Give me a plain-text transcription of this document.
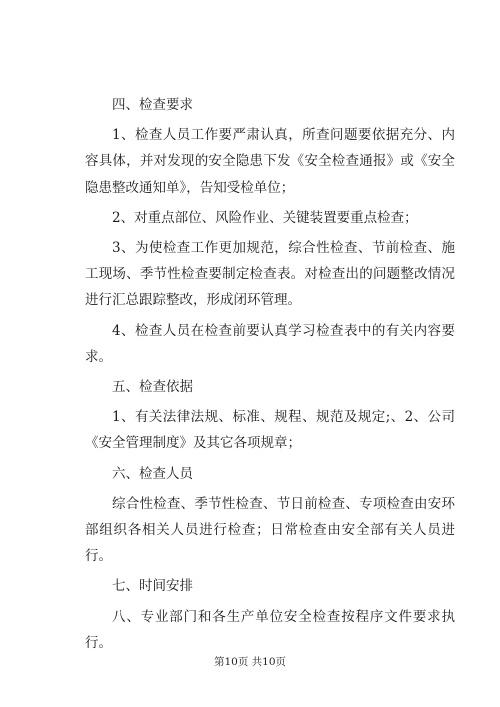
四、检查要求

1、检查人员工作要严肃认真，所查问题要依据充分、内容具体，并对发现的安全隐患下发《安全检查通报》或《安全隐患整改通知单》，告知受检单位；

2、对重点部位、风险作业、关键装置要重点检查；

3、为使检查工作更加规范，综合性检查、节前检查、施工现场、季节性检查要制定检查表。对检查出的问题整改情况进行汇总跟踪整改，形成闭环管理。

4、检查人员在检查前要认真学习检查表中的有关内容要求。

五、检查依据

1、有关法律法规、标准、规程、规范及规定;、2、公司《安全管理制度》及其它各项规章；

六、检查人员

综合性检查、季节性检查、节日前检查、专项检查由安环部组织各相关人员进行检查；日常检查由安全部有关人员进行。

七、时间安排

八、专业部门和各生产单位安全检查按程序文件要求执行。

第10页 共10页
